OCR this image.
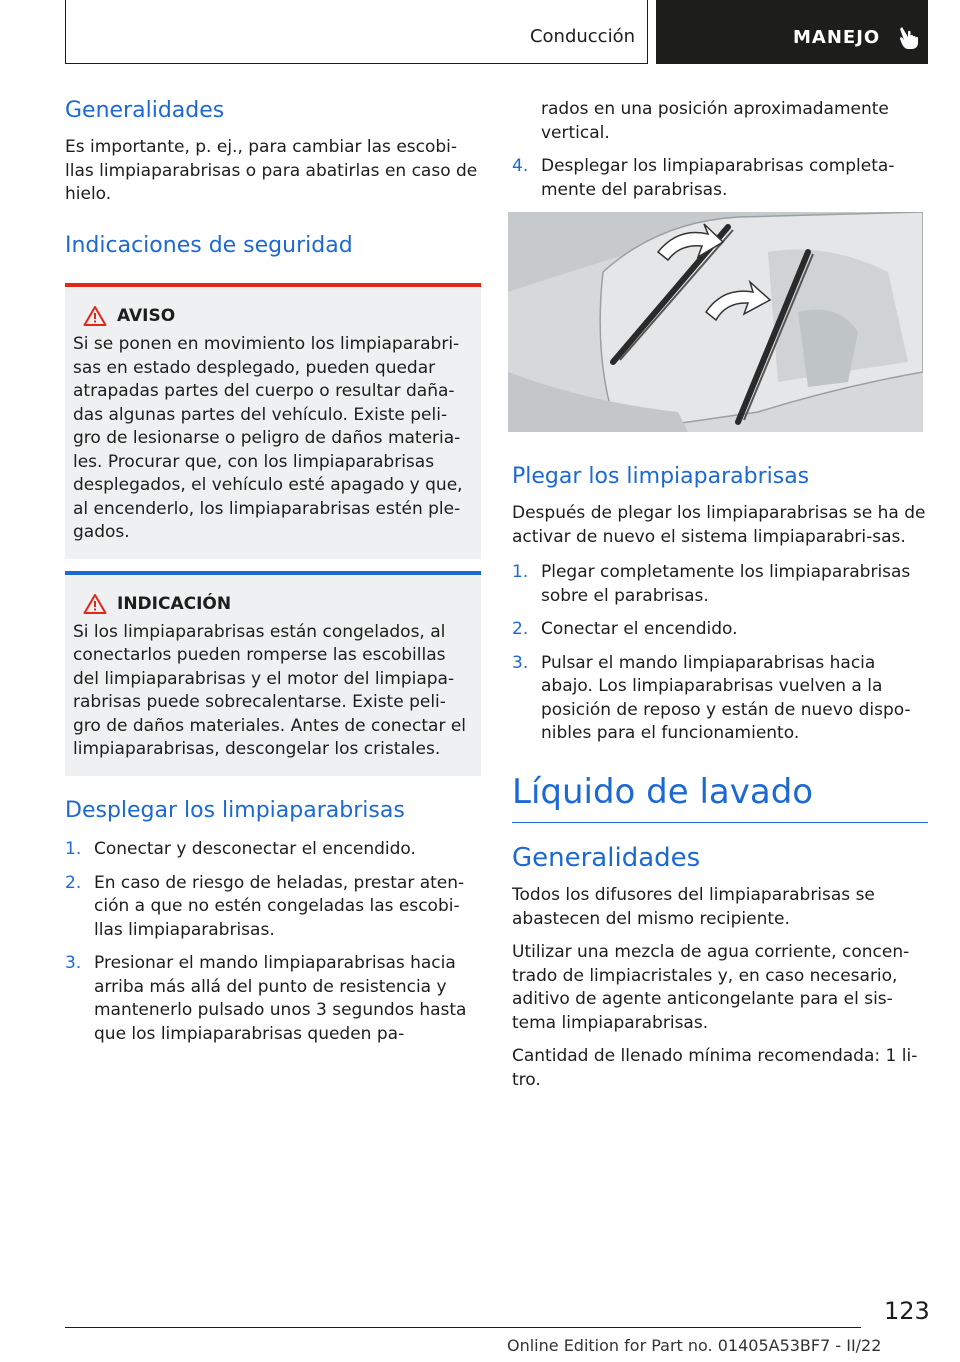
Conducción	MANEJO
Generalidades

Es importante, p. ej., para cambiar las escobi-llas limpiaparabrisas o para abatirlas en caso de hielo.

Indicaciones de seguridad
AVISO

Si se ponen en movimiento los limpiaparabri-sas en estado desplegado, pueden quedar atrapadas partes del cuerpo o resultar daña-das algunas partes del vehículo. Existe peli-gro de lesionarse o peligro de daños materia-les. Procurar que, con los limpiaparabrisas desplegados, el vehículo esté apagado y que, al encenderlo, los limpiaparabrisas estén ple-gados.

INDICACIÓN

Si los limpiaparabrisas están congelados, al conectarlos pueden romperse las escobillas del limpiaparabrisas y el motor del limpiapa-rabrisas puede sobrecalentarse. Existe peli-gro de daños materiales. Antes de conectar el limpiaparabrisas, descongelar los cristales.

Desplegar los limpiaparabrisas
1. Conectar y desconectar el encendido.
2. En caso de riesgo de heladas, prestar aten-ción a que no estén congeladas las escobi-llas limpiaparabrisas.
3. Presionar el mando limpiaparabrisas hacia arriba más allá del punto de resistencia y mantenerlo pulsado unos 3 segundos hasta que los limpiaparabrisas queden pa-

rados en una posición aproximadamente vertical.

4. Desplegar los limpiaparabrisas completa-mente del parabrisas.
Plegar los limpiaparabrisas

Después de plegar los limpiaparabrisas se ha de activar de nuevo el sistema limpiaparabri-sas.

1. Plegar completamente los limpiaparabrisas sobre el parabrisas.
2. Conectar el encendido.
3. Pulsar el mando limpiaparabrisas hacia abajo. Los limpiaparabrisas vuelven a la posición de reposo y están de nuevo dispo-nibles para el funcionamiento.
Líquido de lavado
Generalidades

Todos los difusores del limpiaparabrisas se abastecen del mismo recipiente.

Utilizar una mezcla de agua corriente, concen-trado de limpiacristales y, en caso necesario, aditivo de agente anticongelante para el sis-tema limpiaparabrisas.

Cantidad de llenado mínima recomendada: 1 li-tro.

123
Online Edition for Part no. 01405A53BF7 - II/22
